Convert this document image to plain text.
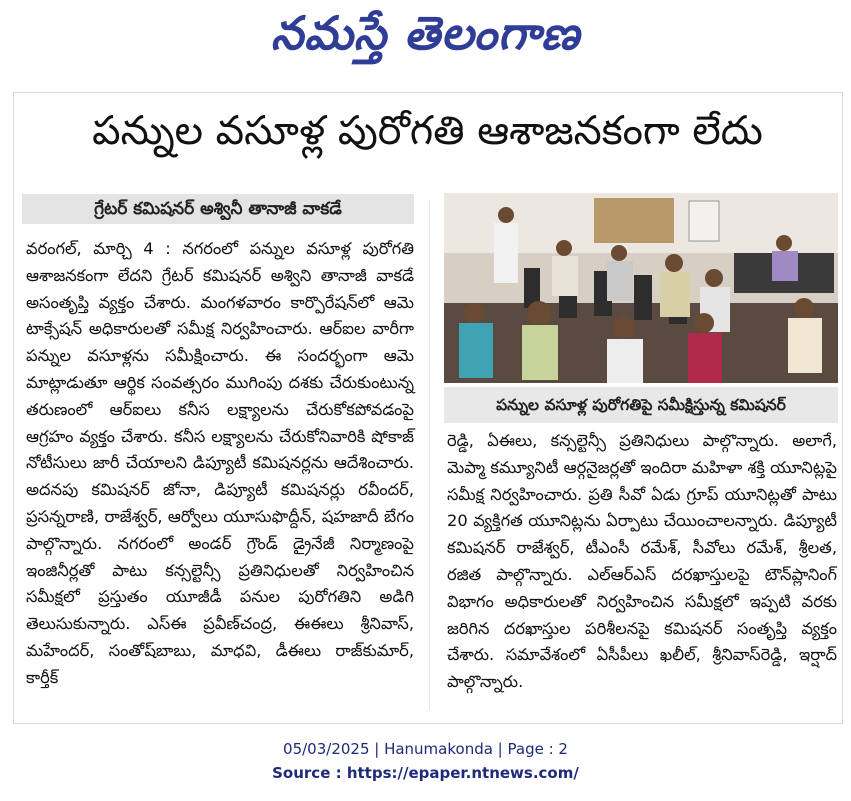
నమస్తే తెలంగాణ
పన్నుల వసూళ్ల పురోగతి ఆశాజనకంగా లేదు
గ్రేటర్ కమిషనర్ అశ్వినీ తానాజీ వాకడే
వరంగల్, మార్చి 4 : నగరంలో పన్నుల వసూళ్ల పురోగతి ఆశాజనకంగా లేదని గ్రేటర్ కమిషనర్ అశ్విని తానాజీ వాకడే అసంతృప్తి వ్యక్తం చేశారు. మంగళవారం కార్పొరేషన్‌లో ఆమె టాక్సేషన్ అధికారులతో సమీక్ష నిర్వహించారు. ఆర్‌ఐల వారీగా పన్నుల వసూళ్లను సమీక్షించారు. ఈ సందర్భంగా ఆమె మాట్లాడుతూ ఆర్థిక సంవత్సరం ముగింపు దశకు చేరుకుంటున్న తరుణంలో ఆర్‌ఐలు కనీస లక్ష్యాలను చేరుకోకపోవడంపై ఆగ్రహం వ్యక్తం చేశారు. కనీస లక్ష్యాలను చేరుకోనివారికి షోకాజ్ నోటీసులు జారీ చేయాలని డిప్యూటీ కమిషనర్లను ఆదేశించారు. అదనపు కమిషనర్ జోనా, డిప్యూటీ కమిషనర్లు రవీందర్, ప్రసన్నరాణి, రాజేశ్వర్, ఆర్వోలు యూసుఫొద్దీన్, షహజాదీ బేగం పాల్గొన్నారు. నగరంలో అండర్ గ్రౌండ్ డ్రైనేజీ నిర్మాణంపై ఇంజినీర్లతో పాటు కన్సల్టెన్సీ ప్రతినిధులతో నిర్వహించిన సమీక్షలో ప్రస్తుతం యూజీడీ పనుల పురోగతిని అడిగి తెలుసుకున్నారు. ఎస్‌ఈ ప్రవీణ్‌చంద్ర, ఈఈలు శ్రీనివాస్, మహేందర్, సంతోష్‌బాబు, మాధవి, డీఈలు రాజ్‌కుమార్, కార్తీక్
పన్నుల వసూళ్ల పురోగతిపై సమీక్షిస్తున్న కమిషనర్
రెడ్డి, ఏఈలు, కన్సల్టెన్సీ ప్రతినిధులు పాల్గొన్నారు. అలాగే, మెప్మా కమ్యూనిటీ ఆర్గనైజర్లతో ఇందిరా మహిళా శక్తి యూనిట్లపై సమీక్ష నిర్వహించారు. ప్రతి సీవో ఏడు గ్రూప్ యూనిట్లతో పాటు 20 వ్యక్తిగత యూనిట్లను ఏర్పాటు చేయించాలన్నారు. డిప్యూటీ కమిషనర్ రాజేశ్వర్, టీఎంసీ రమేశ్, సీవోలు రమేశ్, శ్రీలత, రజిత పాల్గొన్నారు. ఎల్‌ఆర్‌ఎస్ దరఖాస్తులపై టౌన్‌ప్లానింగ్ విభాగం అధికారులతో నిర్వహించిన సమీక్షలో ఇప్పటి వరకు జరిగిన దరఖాస్తుల పరిశీలనపై కమిషనర్ సంతృప్తి వ్యక్తం చేశారు. సమావేశంలో ఏసీపీలు ఖలీల్, శ్రీనివాస్‌రెడ్డి, ఇర్షాద్ పాల్గొన్నారు.
05/03/2025 | Hanumakonda | Page : 2
Source : https://epaper.ntnews.com/
